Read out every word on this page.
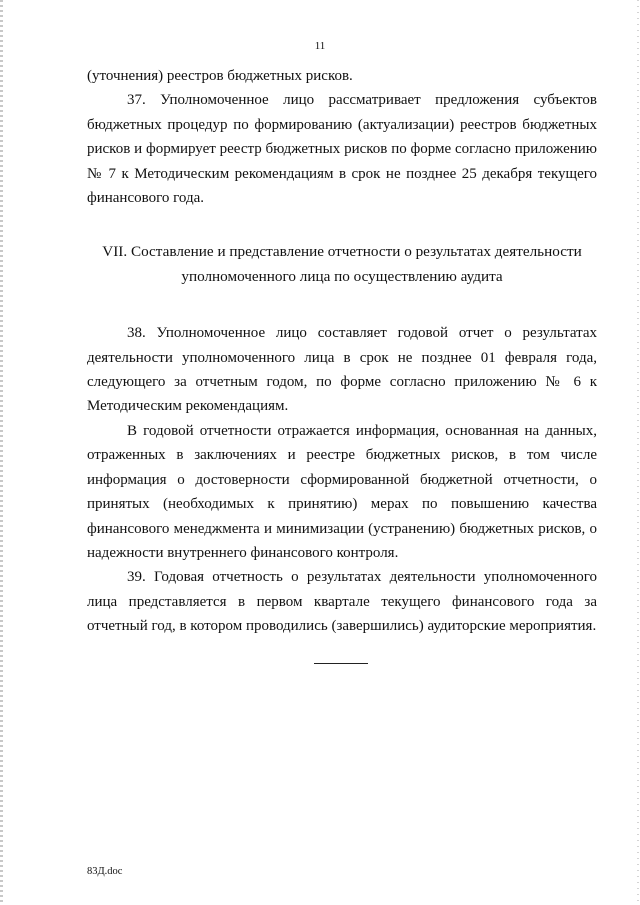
11

(уточнения) реестров бюджетных рисков.

37. Уполномоченное лицо рассматривает предложения субъектов бюджетных процедур по формированию (актуализации) реестров бюджетных рисков и формирует реестр бюджетных рисков по форме согласно приложению № 7 к Методическим рекомендациям в срок не позднее 25 декабря текущего финансового года.

VII. Составление и представление отчетности о результатах деятельности
уполномоченного лица по осуществлению аудита

38. Уполномоченное лицо составляет годовой отчет о результатах деятельности уполномоченного лица в срок не позднее 01 февраля года, следующего за отчетным годом, по форме согласно приложению № 6 к Методическим рекомендациям.

В годовой отчетности отражается информация, основанная на данных, отраженных в заключениях и реестре бюджетных рисков, в том числе информация о достоверности сформированной бюджетной отчетности, о принятых (необходимых к принятию) мерах по повышению качества финансового менеджмента и минимизации (устранению) бюджетных рисков, о надежности внутреннего финансового контроля.

39. Годовая отчетность о результатах деятельности уполномоченного лица представляется в первом квартале текущего финансового года за отчетный год, в котором проводились (завершились) аудиторские мероприятия.

83Д.doc
